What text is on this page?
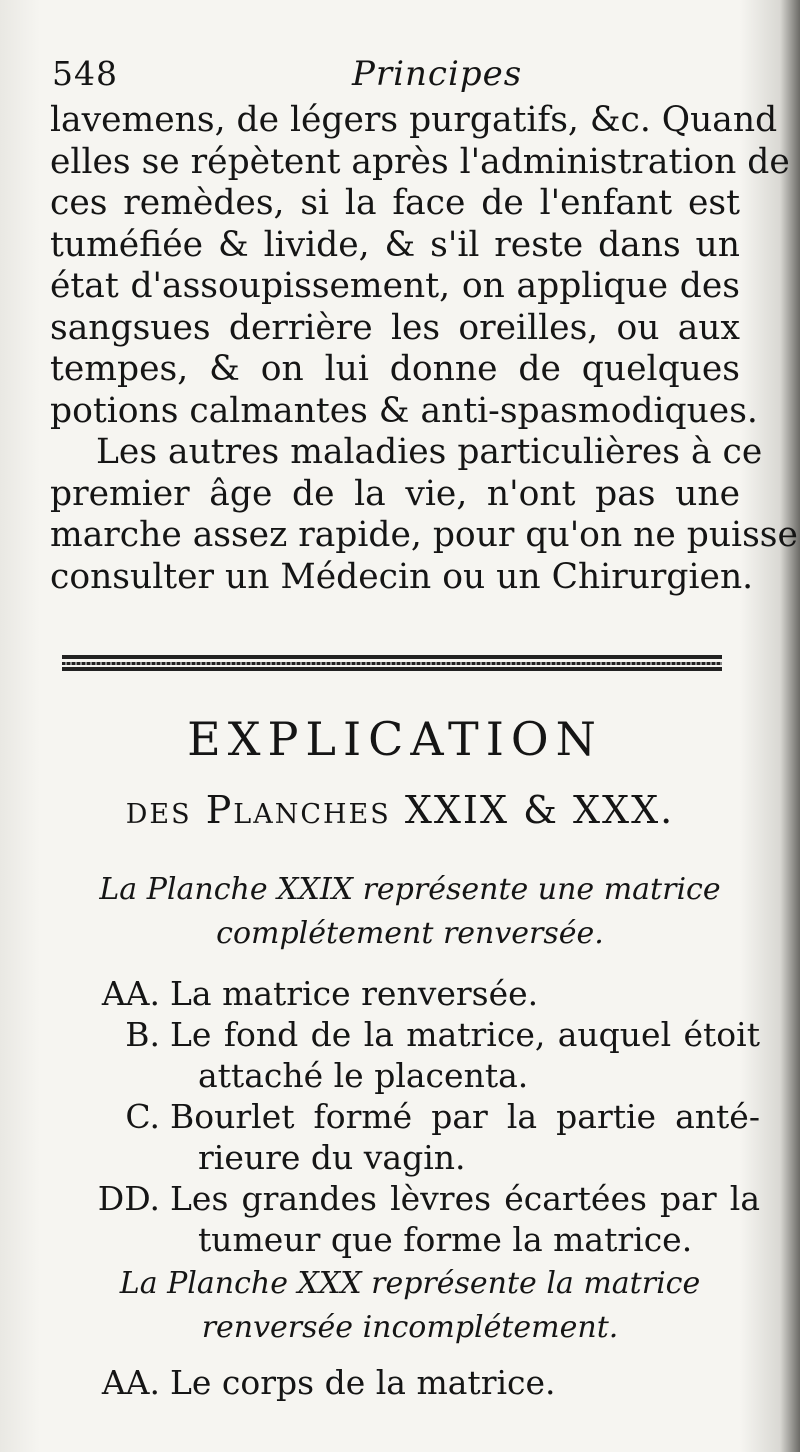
548	Principes
lavemens, de légers purgatifs, &c. Quand
elles se répètent après l'administration de
ces remèdes, si la face de l'enfant est
tuméfiée & livide, & s'il reste dans un
état d'assoupissement, on applique des
sangsues derrière les oreilles, ou aux
tempes, & on lui donne de quelques
potions calmantes & anti-spasmodiques.
Les autres maladies particulières à ce
premier âge de la vie, n'ont pas une
marche assez rapide, pour qu'on ne puisse
consulter un Médecin ou un Chirurgien.
EXPLICATION
des Planches XXIX & XXX.
La Planche XXIX représente une matrice
complétement renversée.
AA. La matrice renversée.
B. Le fond de la matrice, auquel étoit
attaché le placenta.
C. Bourlet formé par la partie anté-
rieure du vagin.
DD. Les grandes lèvres écartées par la
tumeur que forme la matrice.
La Planche XXX représente la matrice
renversée incomplétement.
AA. Le corps de la matrice.
